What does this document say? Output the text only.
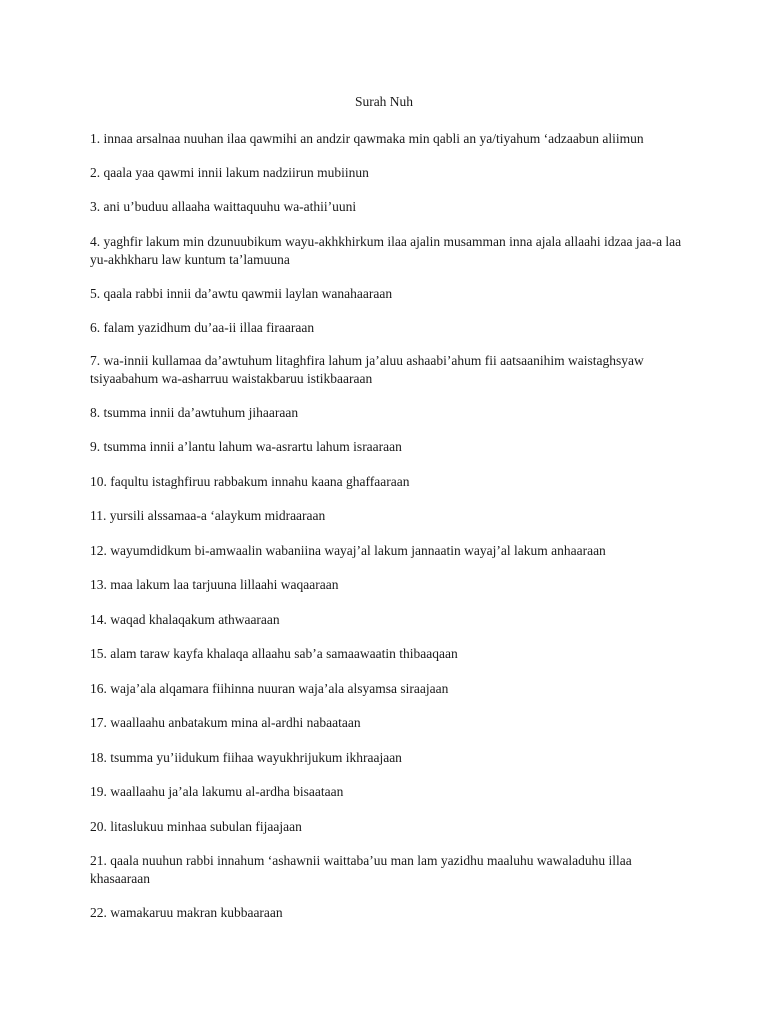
Surah Nuh

1. innaa arsalnaa nuuhan ilaa qawmihi an andzir qawmaka min qabli an ya/tiyahum ‘adzaabun aliimun

2. qaala yaa qawmi innii lakum nadziirun mubiinun

3. ani u’buduu allaaha waittaquuhu wa-athii’uuni

4. yaghfir lakum min dzunuubikum wayu-akhkhirkum ilaa ajalin musamman inna ajala allaahi idzaa jaa-a laa yu-akhkharu law kuntum ta’lamuuna

5. qaala rabbi innii da’awtu qawmii laylan wanahaaraan

6. falam yazidhum du’aa-ii illaa firaaraan

7. wa-innii kullamaa da’awtuhum litaghfira lahum ja’aluu ashaabi’ahum fii aatsaanihim waistaghsyaw tsiyaabahum wa-asharruu waistakbaruu istikbaaraan

8. tsumma innii da’awtuhum jihaaraan

9. tsumma innii a’lantu lahum wa-asrartu lahum israaraan

10. faqultu istaghfiruu rabbakum innahu kaana ghaffaaraan

11. yursili alssamaa-a ‘alaykum midraaraan

12. wayumdidkum bi-amwaalin wabaniina wayaj’al lakum jannaatin wayaj’al lakum anhaaraan

13. maa lakum laa tarjuuna lillaahi waqaaraan

14. waqad khalaqakum athwaaraan

15. alam taraw kayfa khalaqa allaahu sab’a samaawaatin thibaaqaan

16. waja’ala alqamara fiihinna nuuran waja’ala alsyamsa siraajaan

17. waallaahu anbatakum mina al-ardhi nabaataan

18. tsumma yu’iidukum fiihaa wayukhrijukum ikhraajaan

19. waallaahu ja’ala lakumu al-ardha bisaataan

20. litaslukuu minhaa subulan fijaajaan

21. qaala nuuhun rabbi innahum ‘ashawnii waittaba’uu man lam yazidhu maaluhu wawaladuhu illaa khasaaraan

22. wamakaruu makran kubbaaraan
